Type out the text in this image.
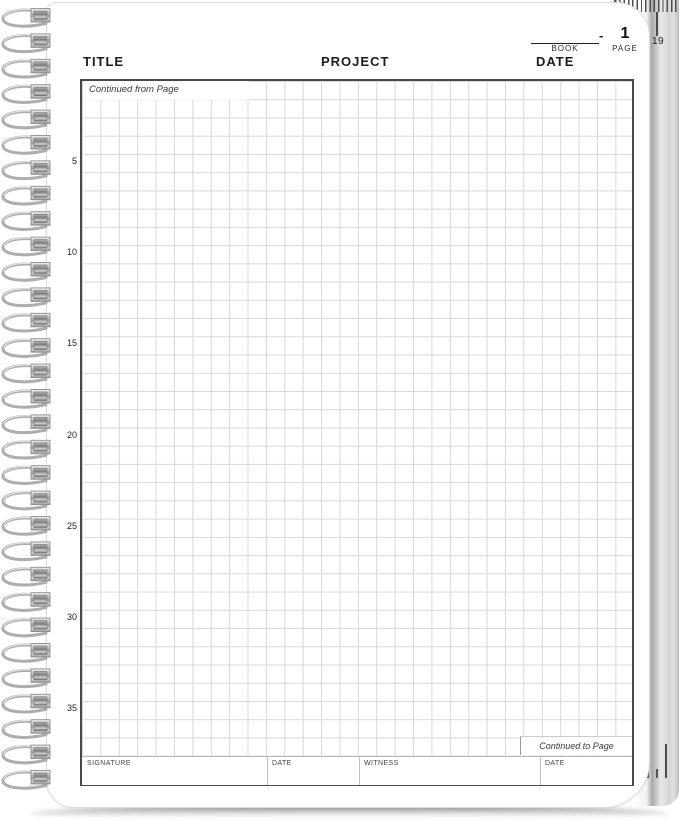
TITLE	PROJECT	DATE
BOOK
-	1
PAGE
5
10
15
20
25
30
35
Continued from Page
Continued to Page
SIGNATURE	DATE	WITNESS	DATE
19
